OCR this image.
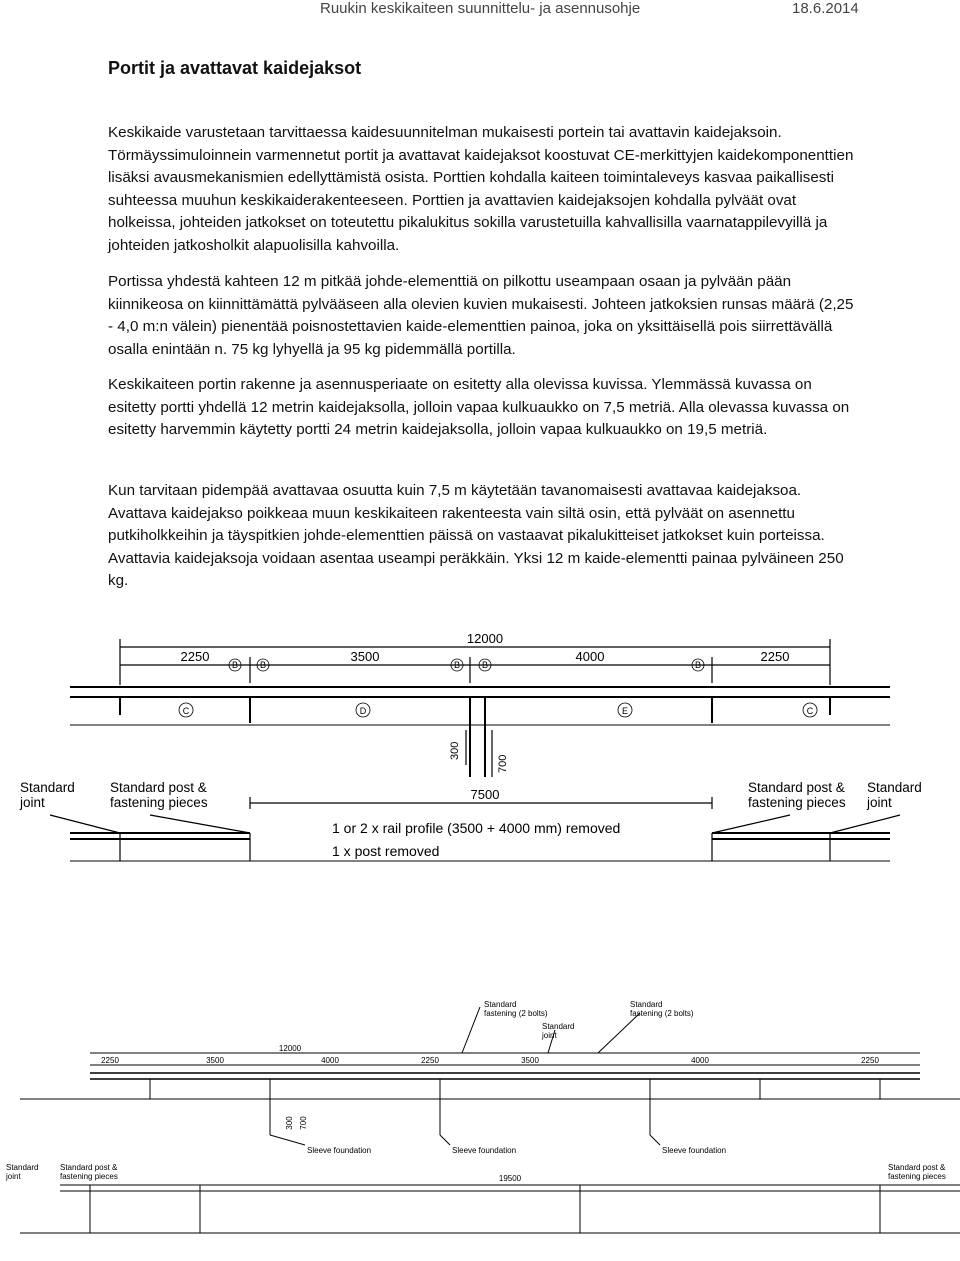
Ruukin keskikaiteen suunnittelu- ja asennusohje	18.6.2014
Portit ja avattavat kaidejaksot

Keskikaide varustetaan tarvittaessa kaidesuunnitelman mukaisesti portein tai avattavin kaidejaksoin. Törmäyssimuloinnein varmennetut portit ja avattavat kaidejaksot koostuvat CE-merkittyjen kaidekomponenttien lisäksi avausmekanismien edellyttämistä osista. Porttien kohdalla kaiteen toimintaleveys kasvaa paikallisesti suhteessa muuhun keskikaiderakenteeseen. Porttien ja avattavien kaidejaksojen kohdalla pylväät ovat holkeissa, johteiden jatkokset on toteutettu pikalukitus sokilla varustetuilla kahvallisilla vaarnatappilevyillä ja johteiden jatkosholkit alapuolisilla kahvoilla.

Portissa yhdestä kahteen 12 m pitkää johde-elementtiä on pilkottu useampaan osaan ja pylvään pään kiinnikeosa on kiinnittämättä pylvääseen alla olevien kuvien mukaisesti. Johteen jatkoksien runsas määrä (2,25 - 4,0 m:n välein) pienentää poisnostettavien kaide-elementtien painoa, joka on yksittäisellä pois siirrettävällä osalla enintään n. 75 kg lyhyellä ja 95 kg pidemmällä portilla.

Keskikaiteen portin rakenne ja asennusperiaate on esitetty alla olevissa kuvissa. Ylemmässä kuvassa on esitetty portti yhdellä 12 metrin kaidejaksolla, jolloin vapaa kulkuaukko on 7,5 metriä. Alla olevassa kuvassa on esitetty harvemmin käytetty portti 24 metrin kaidejaksolla, jolloin vapaa kulkuaukko on 19,5 metriä.

Kun tarvitaan pidempää avattavaa osuutta kuin 7,5 m käytetään tavanomaisesti avattavaa kaidejaksoa. Avattava kaidejakso poikkeaa muun keskikaiteen rakenteesta vain siltä osin, että pylväät on asennettu putkiholkkeihin ja täyspitkien johde-elementtien päissä on vastaavat pikalukitteiset jatkokset kuin porteissa. Avattavia kaidejaksoja voidaan asentaa useampi peräkkäin. Yksi 12 m kaide-elementti painaa pylväineen 250 kg.

12000
2250	3500	4000	2250
7500
B B	B B	B
C	D	E	C
300
700
Standard
joint
Standard post &
fastening pieces
Standard post &
fastening pieces
Standard
joint
1 or 2 x rail profile (3500 + 4000 mm) removed
1 x post removed
12000
2250	3500	4000	2250	3500	4000	2250
19500
300 700
Standard
fastening (2 bolts)
Standard
fastening (2 bolts)
Standard
joint
Sleeve foundation	Sleeve foundation	Sleeve foundation
Standard
joint
Standard post &
fastening pieces
Standard post &
fastening pieces
